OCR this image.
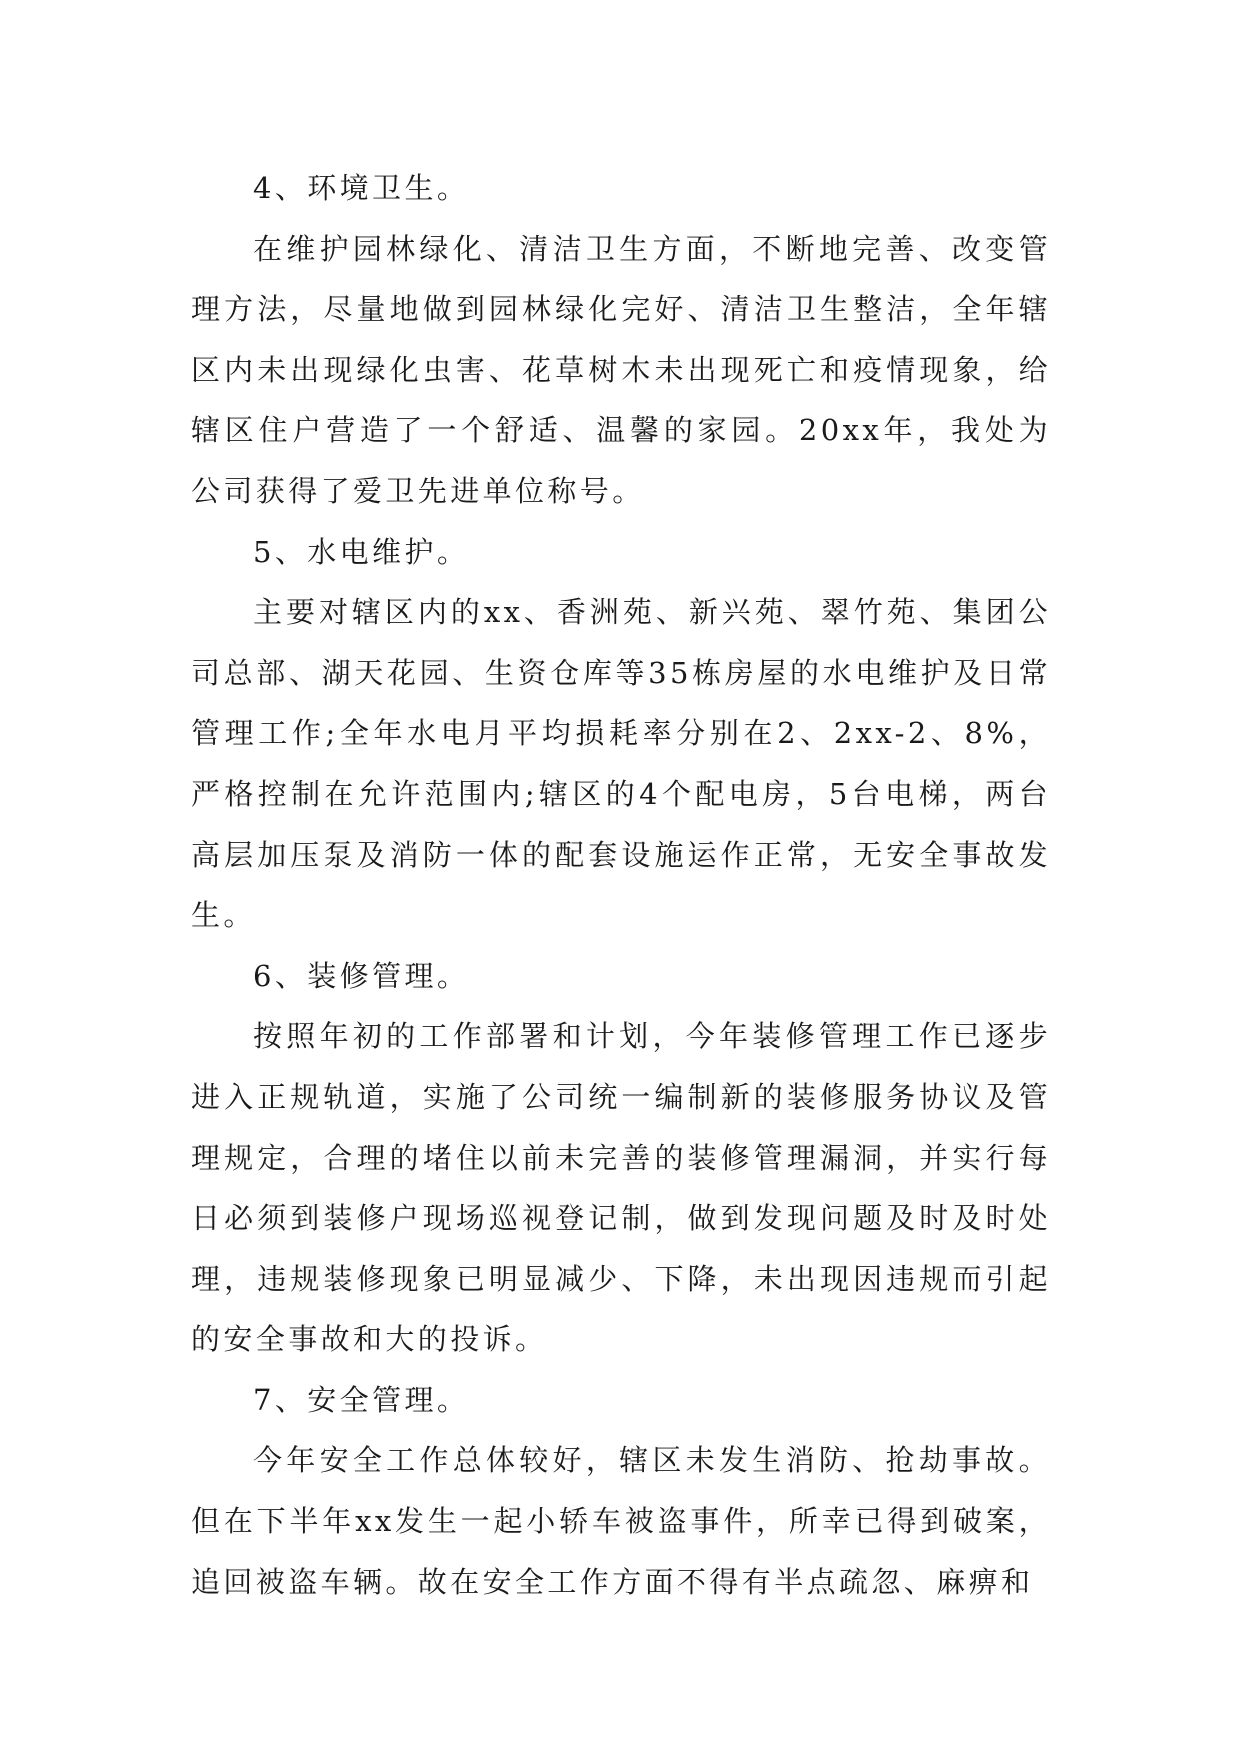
4、环境卫生。

在维护园林绿化、清洁卫生方面，不断地完善、改变管理方法，尽量地做到园林绿化完好、清洁卫生整洁，全年辖区内未出现绿化虫害、花草树木未出现死亡和疫情现象，给辖区住户营造了一个舒适、温馨的家园。20xx年，我处为公司获得了爱卫先进单位称号。

5、水电维护。

主要对辖区内的xx、香洲苑、新兴苑、翠竹苑、集团公司总部、湖天花园、生资仓库等35栋房屋的水电维护及日常管理工作;全年水电月平均损耗率分别在2、2xx-2、8%，严格控制在允许范围内;辖区的4个配电房，5台电梯，两台高层加压泵及消防一体的配套设施运作正常，无安全事故发生。

6、装修管理。

按照年初的工作部署和计划，今年装修管理工作已逐步进入正规轨道，实施了公司统一编制新的装修服务协议及管理规定，合理的堵住以前未完善的装修管理漏洞，并实行每日必须到装修户现场巡视登记制，做到发现问题及时及时处理，违规装修现象已明显减少、下降，未出现因违规而引起的安全事故和大的投诉。

7、安全管理。

今年安全工作总体较好，辖区未发生消防、抢劫事故。但在下半年xx发生一起小轿车被盗事件，所幸已得到破案，追回被盗车辆。故在安全工作方面不得有半点疏忽、麻痹和
